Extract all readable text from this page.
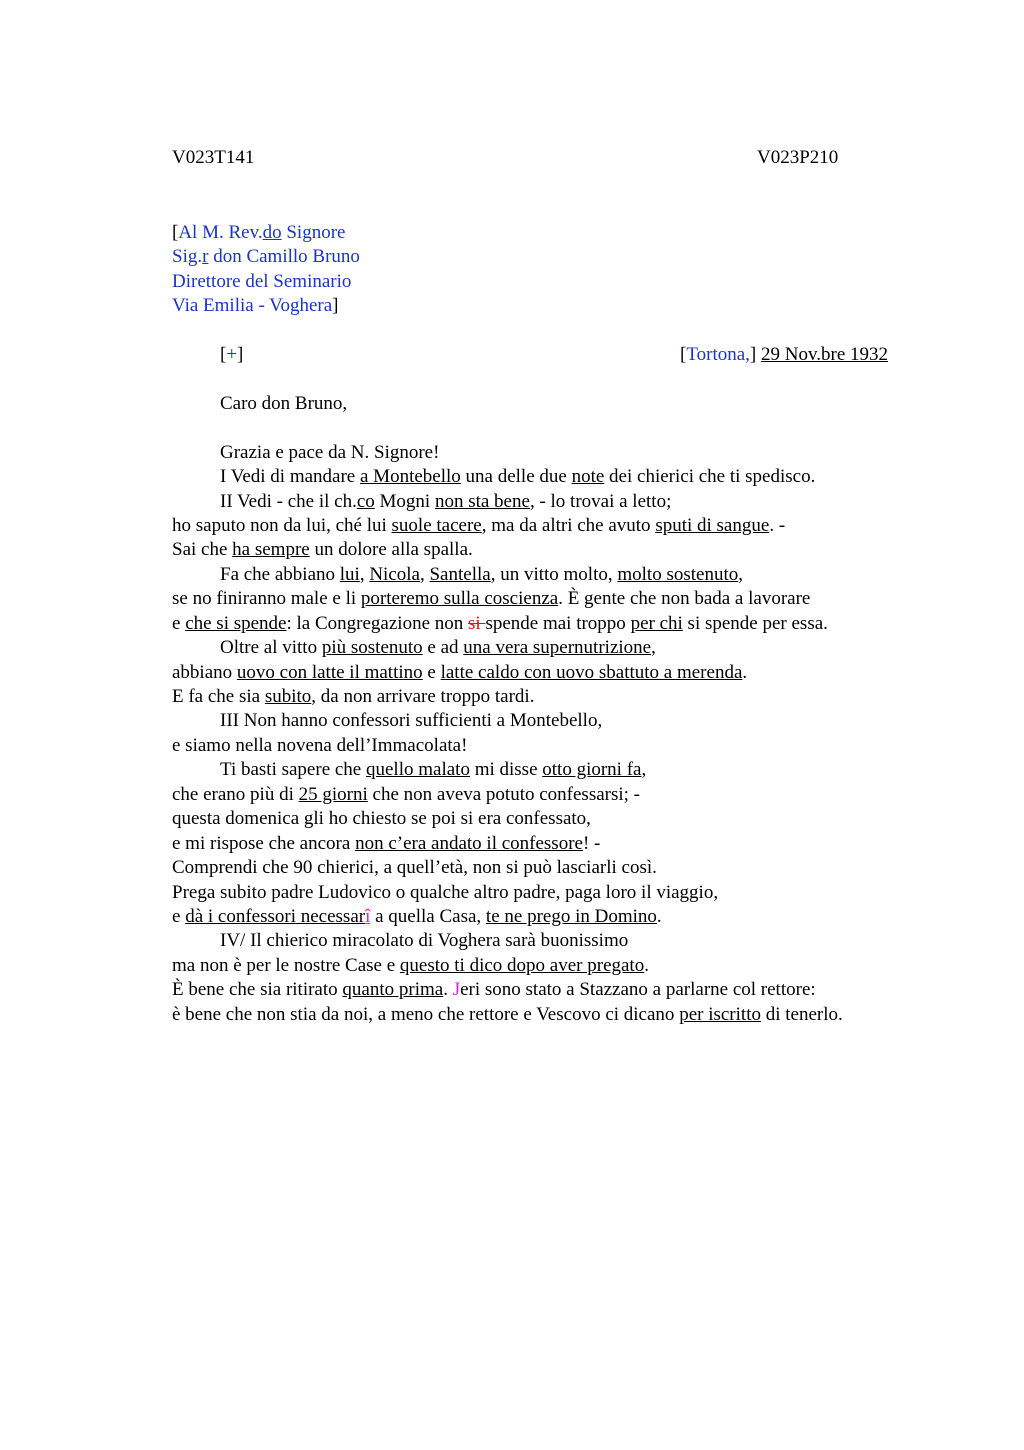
V023T141	V023P210
[Al M. Rev.do Signore
Sig.r don Camillo Bruno
Direttore del Seminario
Via Emilia - Voghera]
[+]	[Tortona,] 29 Nov.bre 1932
Caro don Bruno,
Grazia e pace da N. Signore!
I Vedi di mandare a Montebello una delle due note dei chierici che ti spedisco.
II Vedi - che il ch.co Mogni non sta bene, - lo trovai a letto;
ho saputo non da lui, ché lui suole tacere, ma da altri che avuto sputi di sangue. -
Sai che ha sempre un dolore alla spalla.
Fa che abbiano lui, Nicola, Santella, un vitto molto, molto sostenuto,
se no finiranno male e li porteremo sulla coscienza. È gente che non bada a lavorare
e che si spende: la Congregazione non si spende mai troppo per chi si spende per essa.
Oltre al vitto più sostenuto e ad una vera supernutrizione,
abbiano uovo con latte il mattino e latte caldo con uovo sbattuto a merenda.
E fa che sia subito, da non arrivare troppo tardi.
III Non hanno confessori sufficienti a Montebello,
e siamo nella novena dell’Immacolata!
Ti basti sapere che quello malato mi disse otto giorni fa,
che erano più di 25 giorni che non aveva potuto confessarsi; -
questa domenica gli ho chiesto se poi si era confessato,
e mi rispose che ancora non c’era andato il confessore! -
Comprendi che 90 chierici, a quell’età, non si può lasciarli così.
Prega subito padre Ludovico o qualche altro padre, paga loro il viaggio,
e dà i confessori necessarî a quella Casa, te ne prego in Domino.
IV/ Il chierico miracolato di Voghera sarà buonissimo
ma non è per le nostre Case e questo ti dico dopo aver pregato.
È bene che sia ritirato quanto prima. Jeri sono stato a Stazzano a parlarne col rettore:
è bene che non stia da noi, a meno che rettore e Vescovo ci dicano per iscritto di tenerlo.
